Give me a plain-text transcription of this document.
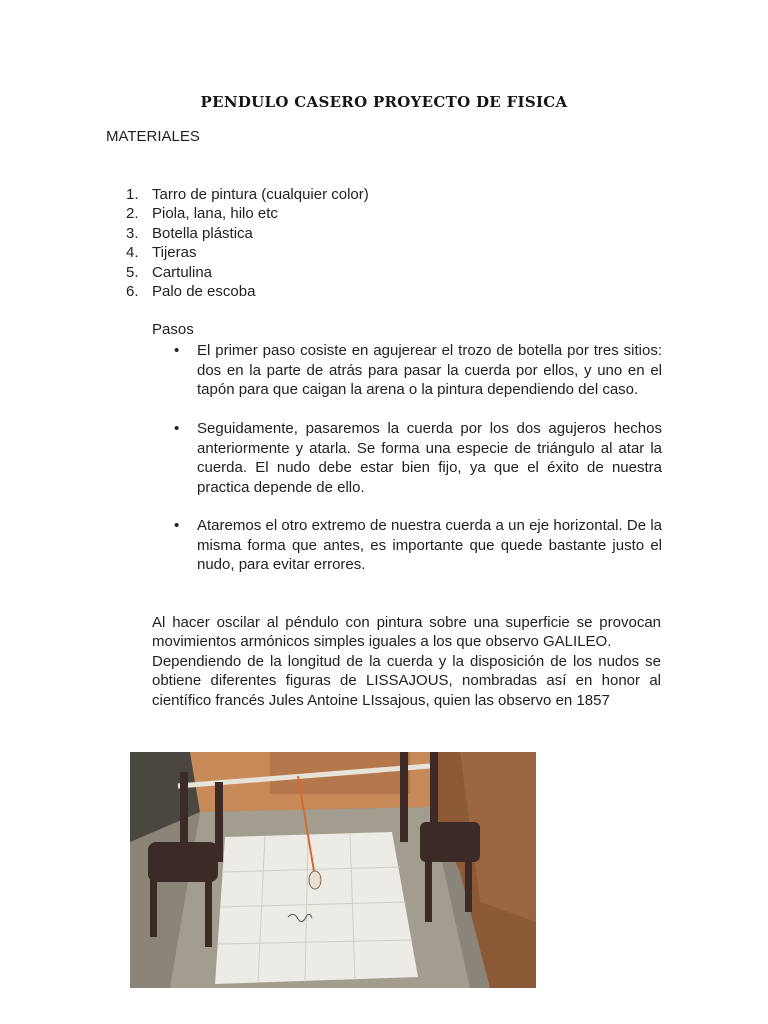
PENDULO CASERO PROYECTO DE FISICA
MATERIALES
1. Tarro de pintura (cualquier color)
2. Piola, lana, hilo etc
3. Botella plástica
4. Tijeras
5. Cartulina
6. Palo de escoba
Pasos
•	El primer paso cosiste en agujerear el trozo de botella por tres sitios: dos en la parte de atrás para pasar la cuerda por ellos, y uno en el tapón para que caigan la arena o la pintura dependiendo del caso.
•	Seguidamente, pasaremos la cuerda por los dos agujeros hechos anteriormente y atarla. Se forma una especie de triángulo al atar la cuerda. El nudo debe estar bien fijo, ya que el éxito de nuestra practica depende de ello.
•	Ataremos el otro extremo de nuestra cuerda a un eje horizontal. De la misma forma que antes, es importante que quede bastante justo el nudo, para evitar errores.

Al hacer oscilar al péndulo con pintura sobre una superficie se provocan movimientos armónicos simples iguales a los que observo GALILEO.

Dependiendo de la longitud de la cuerda y la disposición de los nudos se obtiene diferentes figuras de LISSAJOUS, nombradas así en honor al científico francés Jules Antoine LIssajous, quien las observo en 1857
